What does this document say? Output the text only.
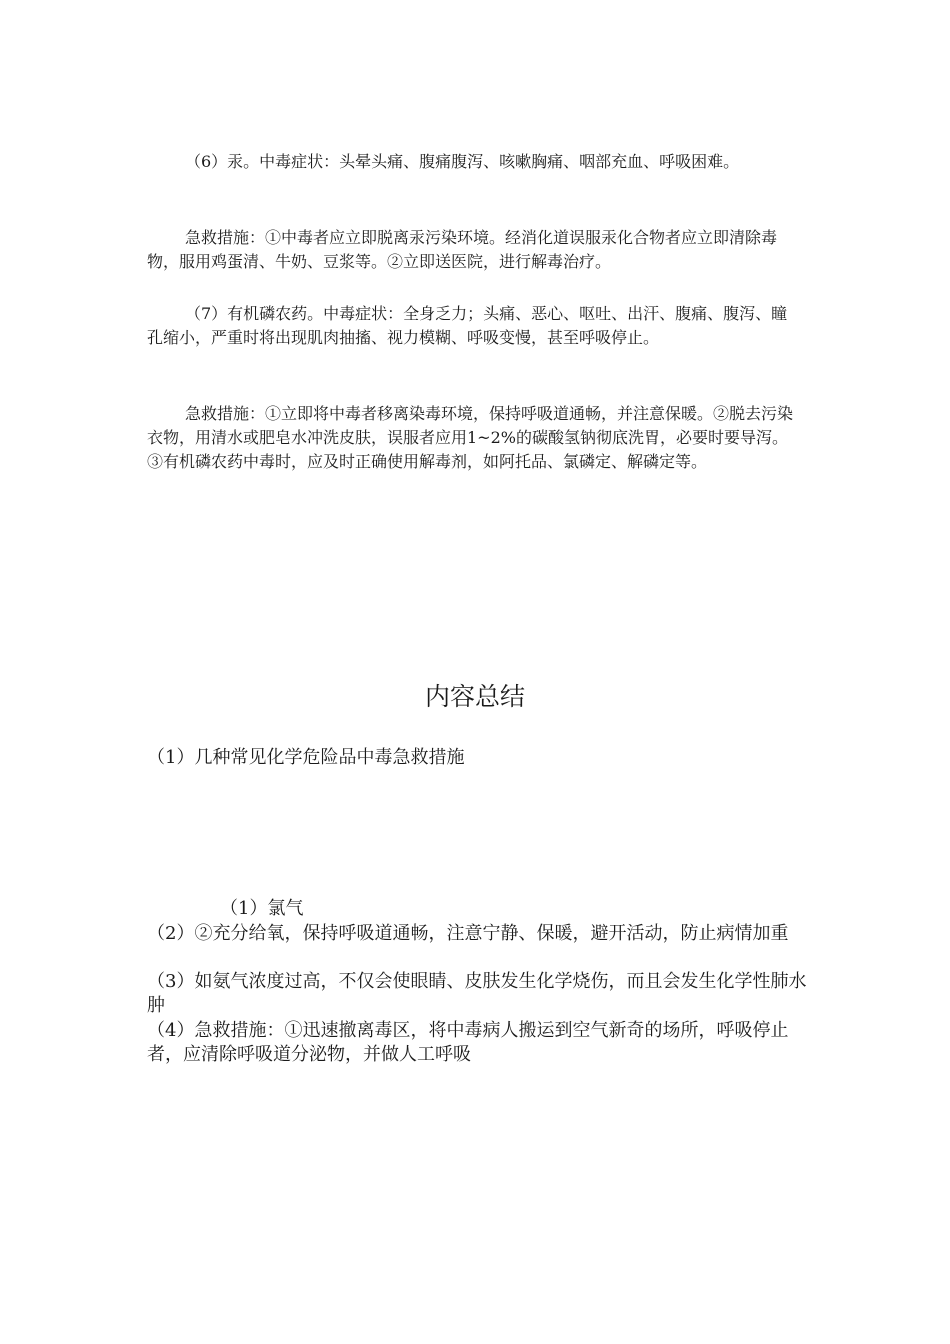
（6）汞。中毒症状：头晕头痛、腹痛腹泻、咳嗽胸痛、咽部充血、呼吸困难。

急救措施：①中毒者应立即脱离汞污染环境。经消化道误服汞化合物者应立即清除毒物，服用鸡蛋清、牛奶、豆浆等。②立即送医院，进行解毒治疗。

（7）有机磷农药。中毒症状：全身乏力；头痛、恶心、呕吐、出汗、腹痛、腹泻、瞳孔缩小，严重时将出现肌肉抽搐、视力模糊、呼吸变慢，甚至呼吸停止。

急救措施：①立即将中毒者移离染毒环境，保持呼吸道通畅，并注意保暖。②脱去污染衣物，用清水或肥皂水冲洗皮肤，误服者应用1~2%的碳酸氢钠彻底洗胃，必要时要导泻。③有机磷农药中毒时，应及时正确使用解毒剂，如阿托品、氯磷定、解磷定等。

内容总结

（1）几种常见化学危险品中毒急救措施

（1）氯气

（2）②充分给氧，保持呼吸道通畅，注意宁静、保暖，避开活动，防止病情加重

（3）如氨气浓度过高，不仅会使眼睛、皮肤发生化学烧伤，而且会发生化学性肺水肿

（4）急救措施：①迅速撤离毒区，将中毒病人搬运到空气新奇的场所，呼吸停止者，应清除呼吸道分泌物，并做人工呼吸
